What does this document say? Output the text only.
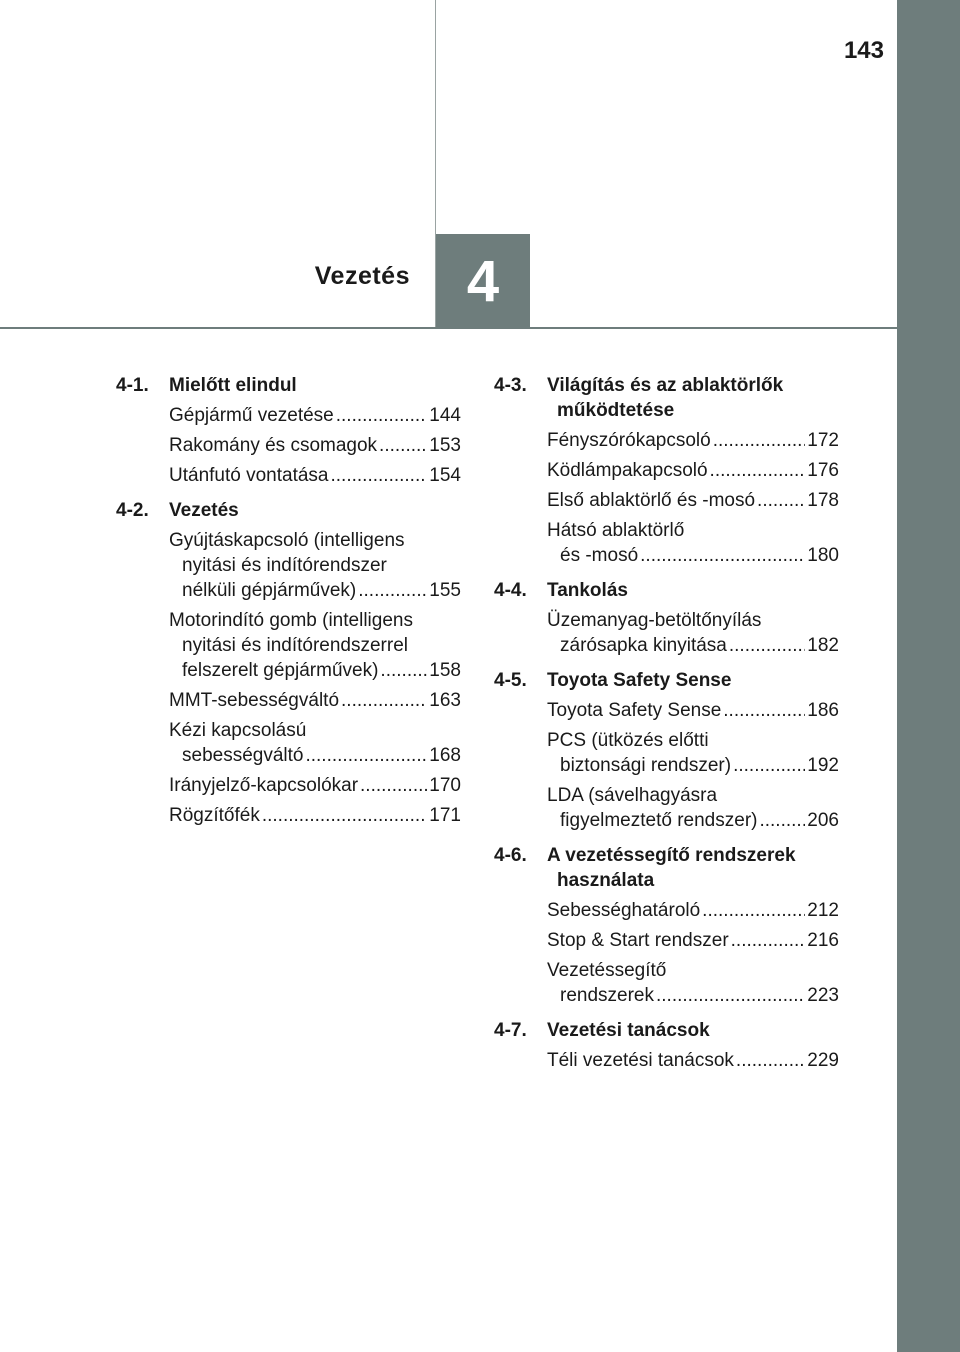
143
Vezetés 4
4-1.	Mielőtt elindul
Gépjármű vezetése .....	144
Rakomány és csomagok .....	153
Utánfutó vontatása .....	154
4-2.	Vezetés
Gyújtáskapcsoló (intelligens
nyitási és indítórendszer
nélküli gépjárművek) .....	155
Motorindító gomb (intelligens
nyitási és indítórendszerrel
felszerelt gépjárművek) .....	158
MMT-sebességváltó .....	163
Kézi kapcsolású
sebességváltó .....	168
Irányjelző-kapcsolókar .....	170
Rögzítőfék .....	171
4-3.	Világítás és az ablaktörlők
működtetése
Fényszórókapcsoló .....	172
Ködlámpakapcsoló .....	176
Első ablaktörlő és -mosó .....	178
Hátsó ablaktörlő
és -mosó .....	180
4-4.	Tankolás
Üzemanyag-betöltőnyílás
zárósapka kinyitása .....	182
4-5.	Toyota Safety Sense
Toyota Safety Sense .....	186
PCS (ütközés előtti
biztonsági rendszer) .....	192
LDA (sávelhagyásra
figyelmeztető rendszer) .....	206
4-6.	A vezetéssegítő rendszerek
használata
Sebességhatároló .....	212
Stop & Start rendszer .....	216
Vezetéssegítő
rendszerek .....	223
4-7.	Vezetési tanácsok
Téli vezetési tanácsok .....	229
